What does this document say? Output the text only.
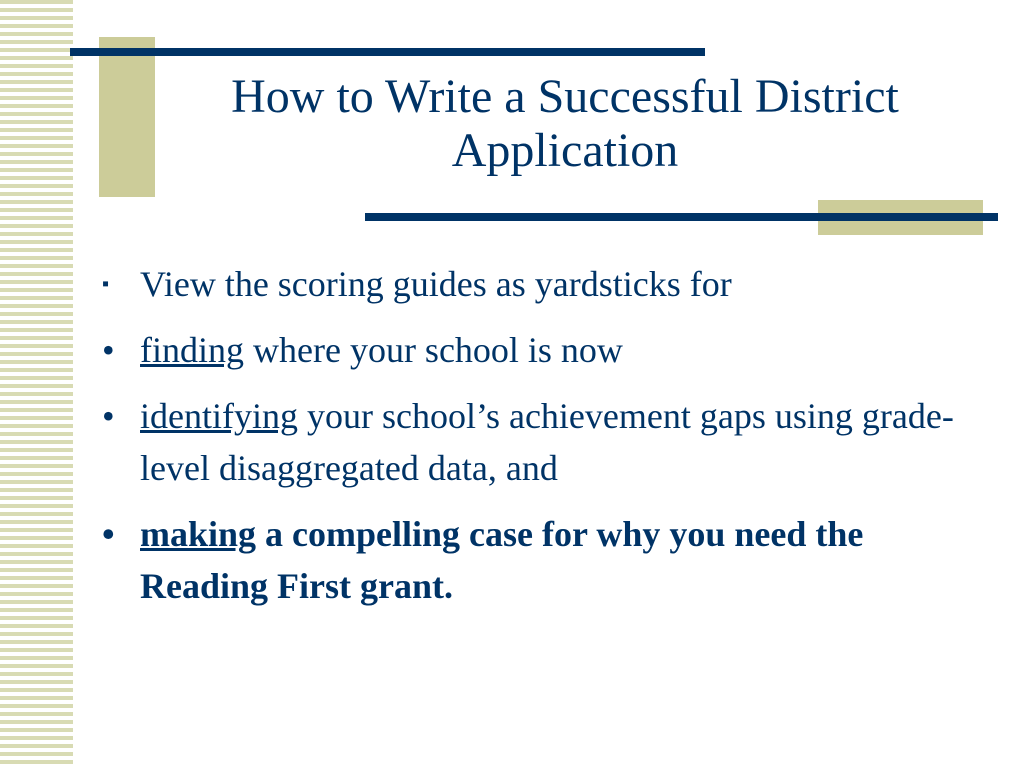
How to Write a Successful District
Application
▪ View the scoring guides as yardsticks for
• finding where your school is now
• identifying your school’s achievement gaps using grade-level disaggregated data, and
• making a compelling case for why you need the Reading First grant.
